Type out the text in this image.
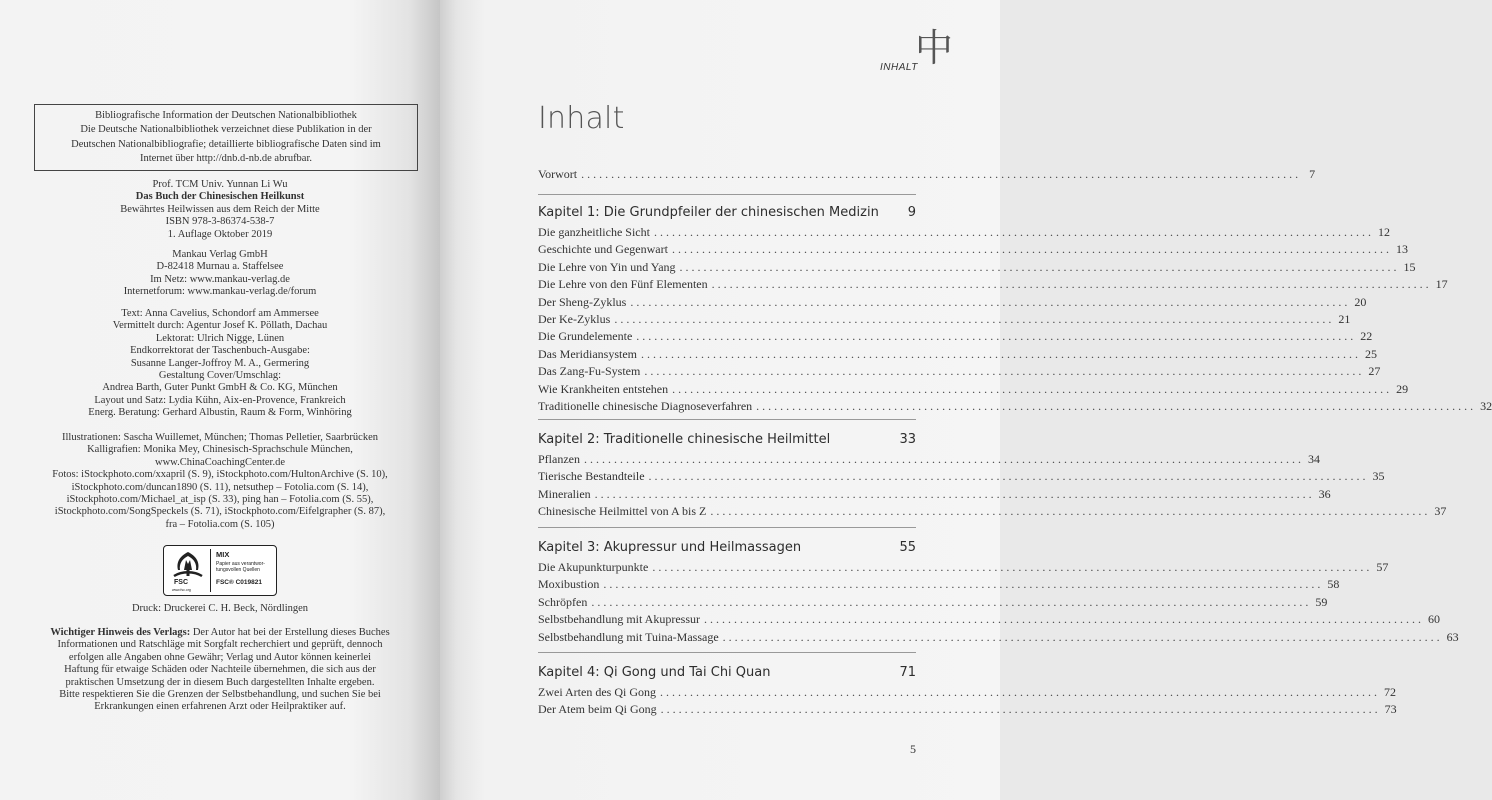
Bibliografische Information der Deutschen Nationalbibliothek
Die Deutsche Nationalbibliothek verzeichnet diese Publikation in der
Deutschen Nationalbibliografie; detaillierte bibliografische Daten sind im
Internet über http://dnb.d-nb.de abrufbar.
Prof. TCM Univ. Yunnan Li Wu
Das Buch der Chinesischen Heilkunst
Bewährtes Heilwissen aus dem Reich der Mitte
ISBN 978-3-86374-538-7
1. Auflage Oktober 2019
Mankau Verlag GmbH
D-82418 Murnau a. Staffelsee
Im Netz: www.mankau-verlag.de
Internetforum: www.mankau-verlag.de/forum
Text: Anna Cavelius, Schondorf am Ammersee
Vermittelt durch: Agentur Josef K. Pöllath, Dachau
Lektorat: Ulrich Nigge, Lünen
Endkorrektorat der Taschenbuch-Ausgabe:
Susanne Langer-Joffroy M. A., Germering
Gestaltung Cover/Umschlag:
Andrea Barth, Guter Punkt GmbH & Co. KG, München
Layout und Satz: Lydia Kühn, Aix-en-Provence, Frankreich
Energ. Beratung: Gerhard Albustin, Raum & Form, Winhöring
Illustrationen: Sascha Wuillemet, München; Thomas Pelletier, Saarbrücken
Kalligrafien: Monika Mey, Chinesisch-Sprachschule München,
www.ChinaCoachingCenter.de
Fotos: iStockphoto.com/xxapril (S. 9), iStockphoto.com/HultonArchive (S. 10),
iStockphoto.com/duncan1890 (S. 11), netsuthep – Fotolia.com (S. 14),
iStockphoto.com/Michael_at_isp (S. 33), ping han – Fotolia.com (S. 55),
iStockphoto.com/SongSpeckels (S. 71), iStockphoto.com/Eifelgrapher (S. 87),
fra – Fotolia.com (S. 105)
FSC
www.fsc.org
MIX
Papier aus verantwor-tungsvollen Quellen
FSC® C019821
Druck: Druckerei C. H. Beck, Nördlingen
Wichtiger Hinweis des Verlags: Der Autor hat bei der Erstellung dieses Buches
Informationen und Ratschläge mit Sorgfalt recherchiert und geprüft, dennoch
erfolgen alle Angaben ohne Gewähr; Verlag und Autor können keinerlei
Haftung für etwaige Schäden oder Nachteile übernehmen, die sich aus der
praktischen Umsetzung der in diesem Buch dargestellten Inhalte ergeben.
Bitte respektieren Sie die Grenzen der Selbstbehandlung, und suchen Sie bei
Erkrankungen einen erfahrenen Arzt oder Heilpraktiker auf.
INHALT
中
Inhalt
Vorwort ........................................................................................................................ 7
Kapitel 1: Die Grundpfeiler der chinesischen Medizin 9
Die ganzheitliche Sicht ........................................................................................................................ 12
Geschichte und Gegenwart ........................................................................................................................ 13
Die Lehre von Yin und Yang ........................................................................................................................ 15
Die Lehre von den Fünf Elementen ........................................................................................................................ 17
Der Sheng-Zyklus ........................................................................................................................ 20
Der Ke-Zyklus ........................................................................................................................ 21
Die Grundelemente ........................................................................................................................ 22
Das Meridiansystem ........................................................................................................................ 25
Das Zang-Fu-System ........................................................................................................................ 27
Wie Krankheiten entstehen ........................................................................................................................ 29
Traditionelle chinesische Diagnoseverfahren ........................................................................................................................ 32
Kapitel 2: Traditionelle chinesische Heilmittel	33
Pflanzen ........................................................................................................................ 34
Tierische Bestandteile ........................................................................................................................ 35
Mineralien ........................................................................................................................ 36
Chinesische Heilmittel von A bis Z ........................................................................................................................ 37
Kapitel 3: Akupressur und Heilmassagen	55
Die Akupunkturpunkte ........................................................................................................................ 57
Moxibustion ........................................................................................................................ 58
Schröpfen ........................................................................................................................ 59
Selbstbehandlung mit Akupressur ........................................................................................................................ 60
Selbstbehandlung mit Tuina-Massage ........................................................................................................................ 63
Kapitel 4: Qi Gong und Tai Chi Quan	71
Zwei Arten des Qi Gong ........................................................................................................................ 72
Der Atem beim Qi Gong ........................................................................................................................ 73
5
